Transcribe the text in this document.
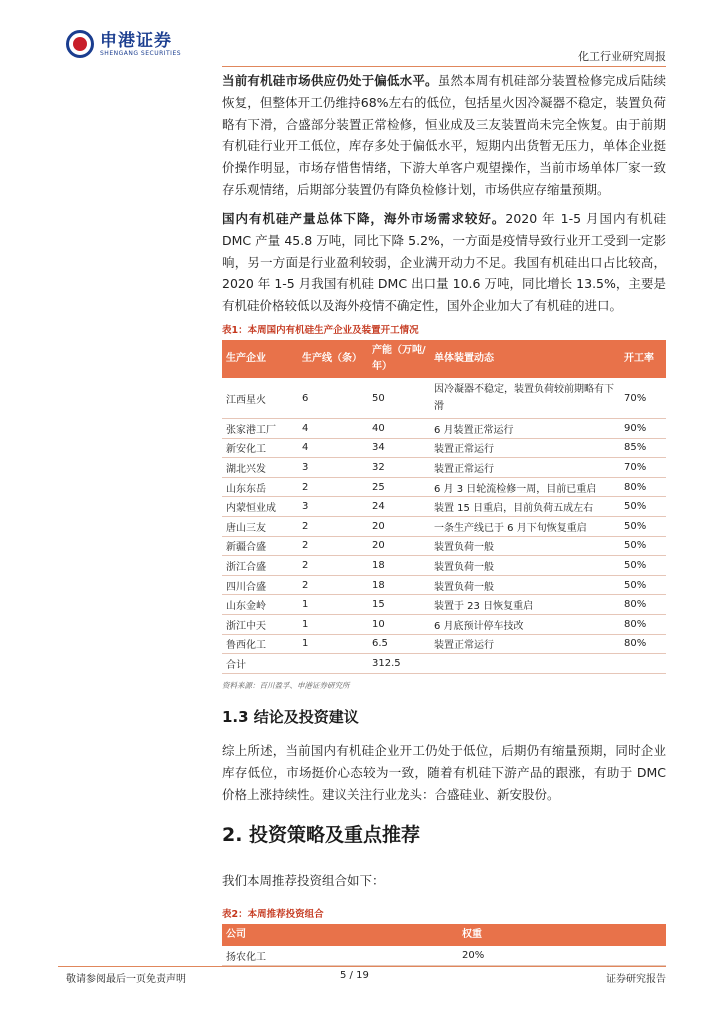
申港证券
SHENGANG SECURITIES	化工行业研究周报

当前有机硅市场供应仍处于偏低水平。虽然本周有机硅部分装置检修完成后陆续恢复，但整体开工仍维持68%左右的低位，包括星火因冷凝器不稳定，装置负荷略有下滑，合盛部分装置正常检修，恒业成及三友装置尚未完全恢复。由于前期有机硅行业开工低位，库存多处于偏低水平，短期内出货暂无压力，单体企业挺价操作明显，市场存惜售情绪，下游大单客户观望操作，当前市场单体厂家一致存乐观情绪，后期部分装置仍有降负检修计划，市场供应存缩量预期。

国内有机硅产量总体下降，海外市场需求较好。2020 年 1-5 月国内有机硅 DMC 产量 45.8 万吨，同比下降 5.2%，一方面是疫情导致行业开工受到一定影响，另一方面是行业盈利较弱，企业满开动力不足。我国有机硅出口占比较高，2020 年 1-5 月我国有机硅 DMC 出口量 10.6 万吨，同比增长 13.5%，主要是有机硅价格较低以及海外疫情不确定性，国外企业加大了有机硅的进口。

表1：本周国内有机硅生产企业及装置开工情况
生产企业	生产线（条）	产能（万吨/年）	单体装置动态	开工率
江西星火	6	50	因冷凝器不稳定，装置负荷较前期略有下滑	70%
张家港工厂	4	40	6 月装置正常运行	90%
新安化工	4	34	装置正常运行	85%
湖北兴发	3	32	装置正常运行	70%
山东东岳	2	25	6 月 3 日轮流检修一周，目前已重启	80%
内蒙恒业成	3	24	装置 15 日重启，目前负荷五成左右	50%
唐山三友	2	20	一条生产线已于 6 月下旬恢复重启	50%
新疆合盛	2	20	装置负荷一般	50%
浙江合盛	2	18	装置负荷一般	50%
四川合盛	2	18	装置负荷一般	50%
山东金岭	1	15	装置于 23 日恢复重启	80%
浙江中天	1	10	6 月底预计停车技改	80%
鲁西化工	1	6.5	装置正常运行	80%
合计		312.5		
资料来源：百川盈孚、申港证券研究所
1.3 结论及投资建议

综上所述，当前国内有机硅企业开工仍处于低位，后期仍有缩量预期，同时企业库存低位，市场挺价心态较为一致，随着有机硅下游产品的跟涨，有助于 DMC 价格上涨持续性。建议关注行业龙头：合盛硅业、新安股份。

2. 投资策略及重点推荐

我们本周推荐投资组合如下：

表2：本周推荐投资组合
公司	权重
扬农化工	20%
敬请参阅最后一页免责声明	5 / 19	证券研究报告
